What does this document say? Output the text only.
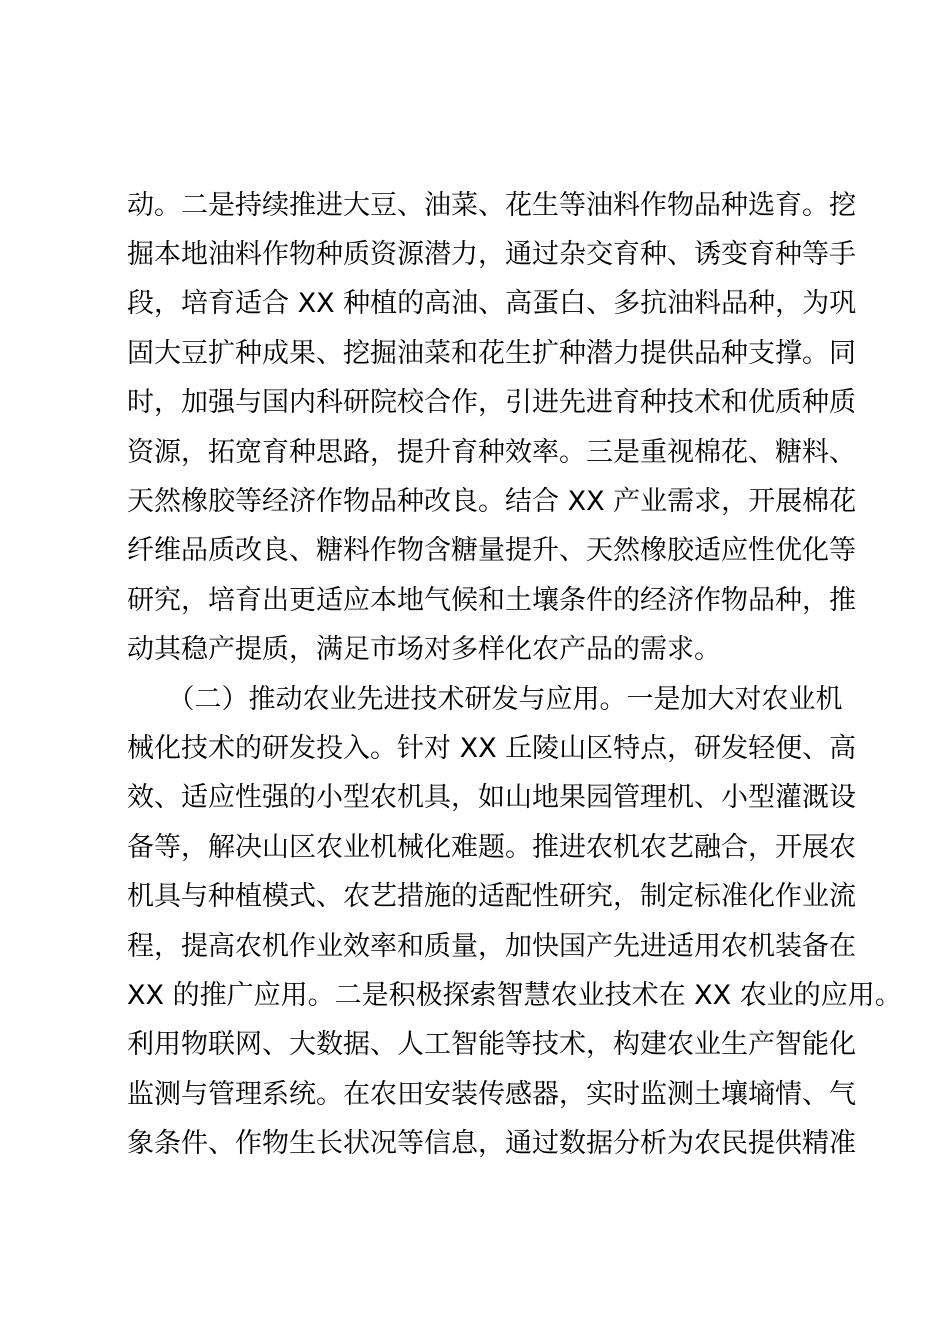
动。二是持续推进大豆、油菜、花生等油料作物品种选育。挖
掘本地油料作物种质资源潜力，通过杂交育种、诱变育种等手
段，培育适合 XX 种植的高油、高蛋白、多抗油料品种，为巩
固大豆扩种成果、挖掘油菜和花生扩种潜力提供品种支撑。同
时，加强与国内科研院校合作，引进先进育种技术和优质种质
资源，拓宽育种思路，提升育种效率。三是重视棉花、糖料、
天然橡胶等经济作物品种改良。结合 XX 产业需求，开展棉花
纤维品质改良、糖料作物含糖量提升、天然橡胶适应性优化等
研究，培育出更适应本地气候和土壤条件的经济作物品种，推
动其稳产提质，满足市场对多样化农产品的需求。
　　（二）推动农业先进技术研发与应用。一是加大对农业机
械化技术的研发投入。针对 XX 丘陵山区特点，研发轻便、高
效、适应性强的小型农机具，如山地果园管理机、小型灌溉设
备等，解决山区农业机械化难题。推进农机农艺融合，开展农
机具与种植模式、农艺措施的适配性研究，制定标准化作业流
程，提高农机作业效率和质量，加快国产先进适用农机装备在
XX 的推广应用。二是积极探索智慧农业技术在 XX 农业的应用。
利用物联网、大数据、人工智能等技术，构建农业生产智能化
监测与管理系统。在农田安装传感器，实时监测土壤墒情、气
象条件、作物生长状况等信息，通过数据分析为农民提供精准
